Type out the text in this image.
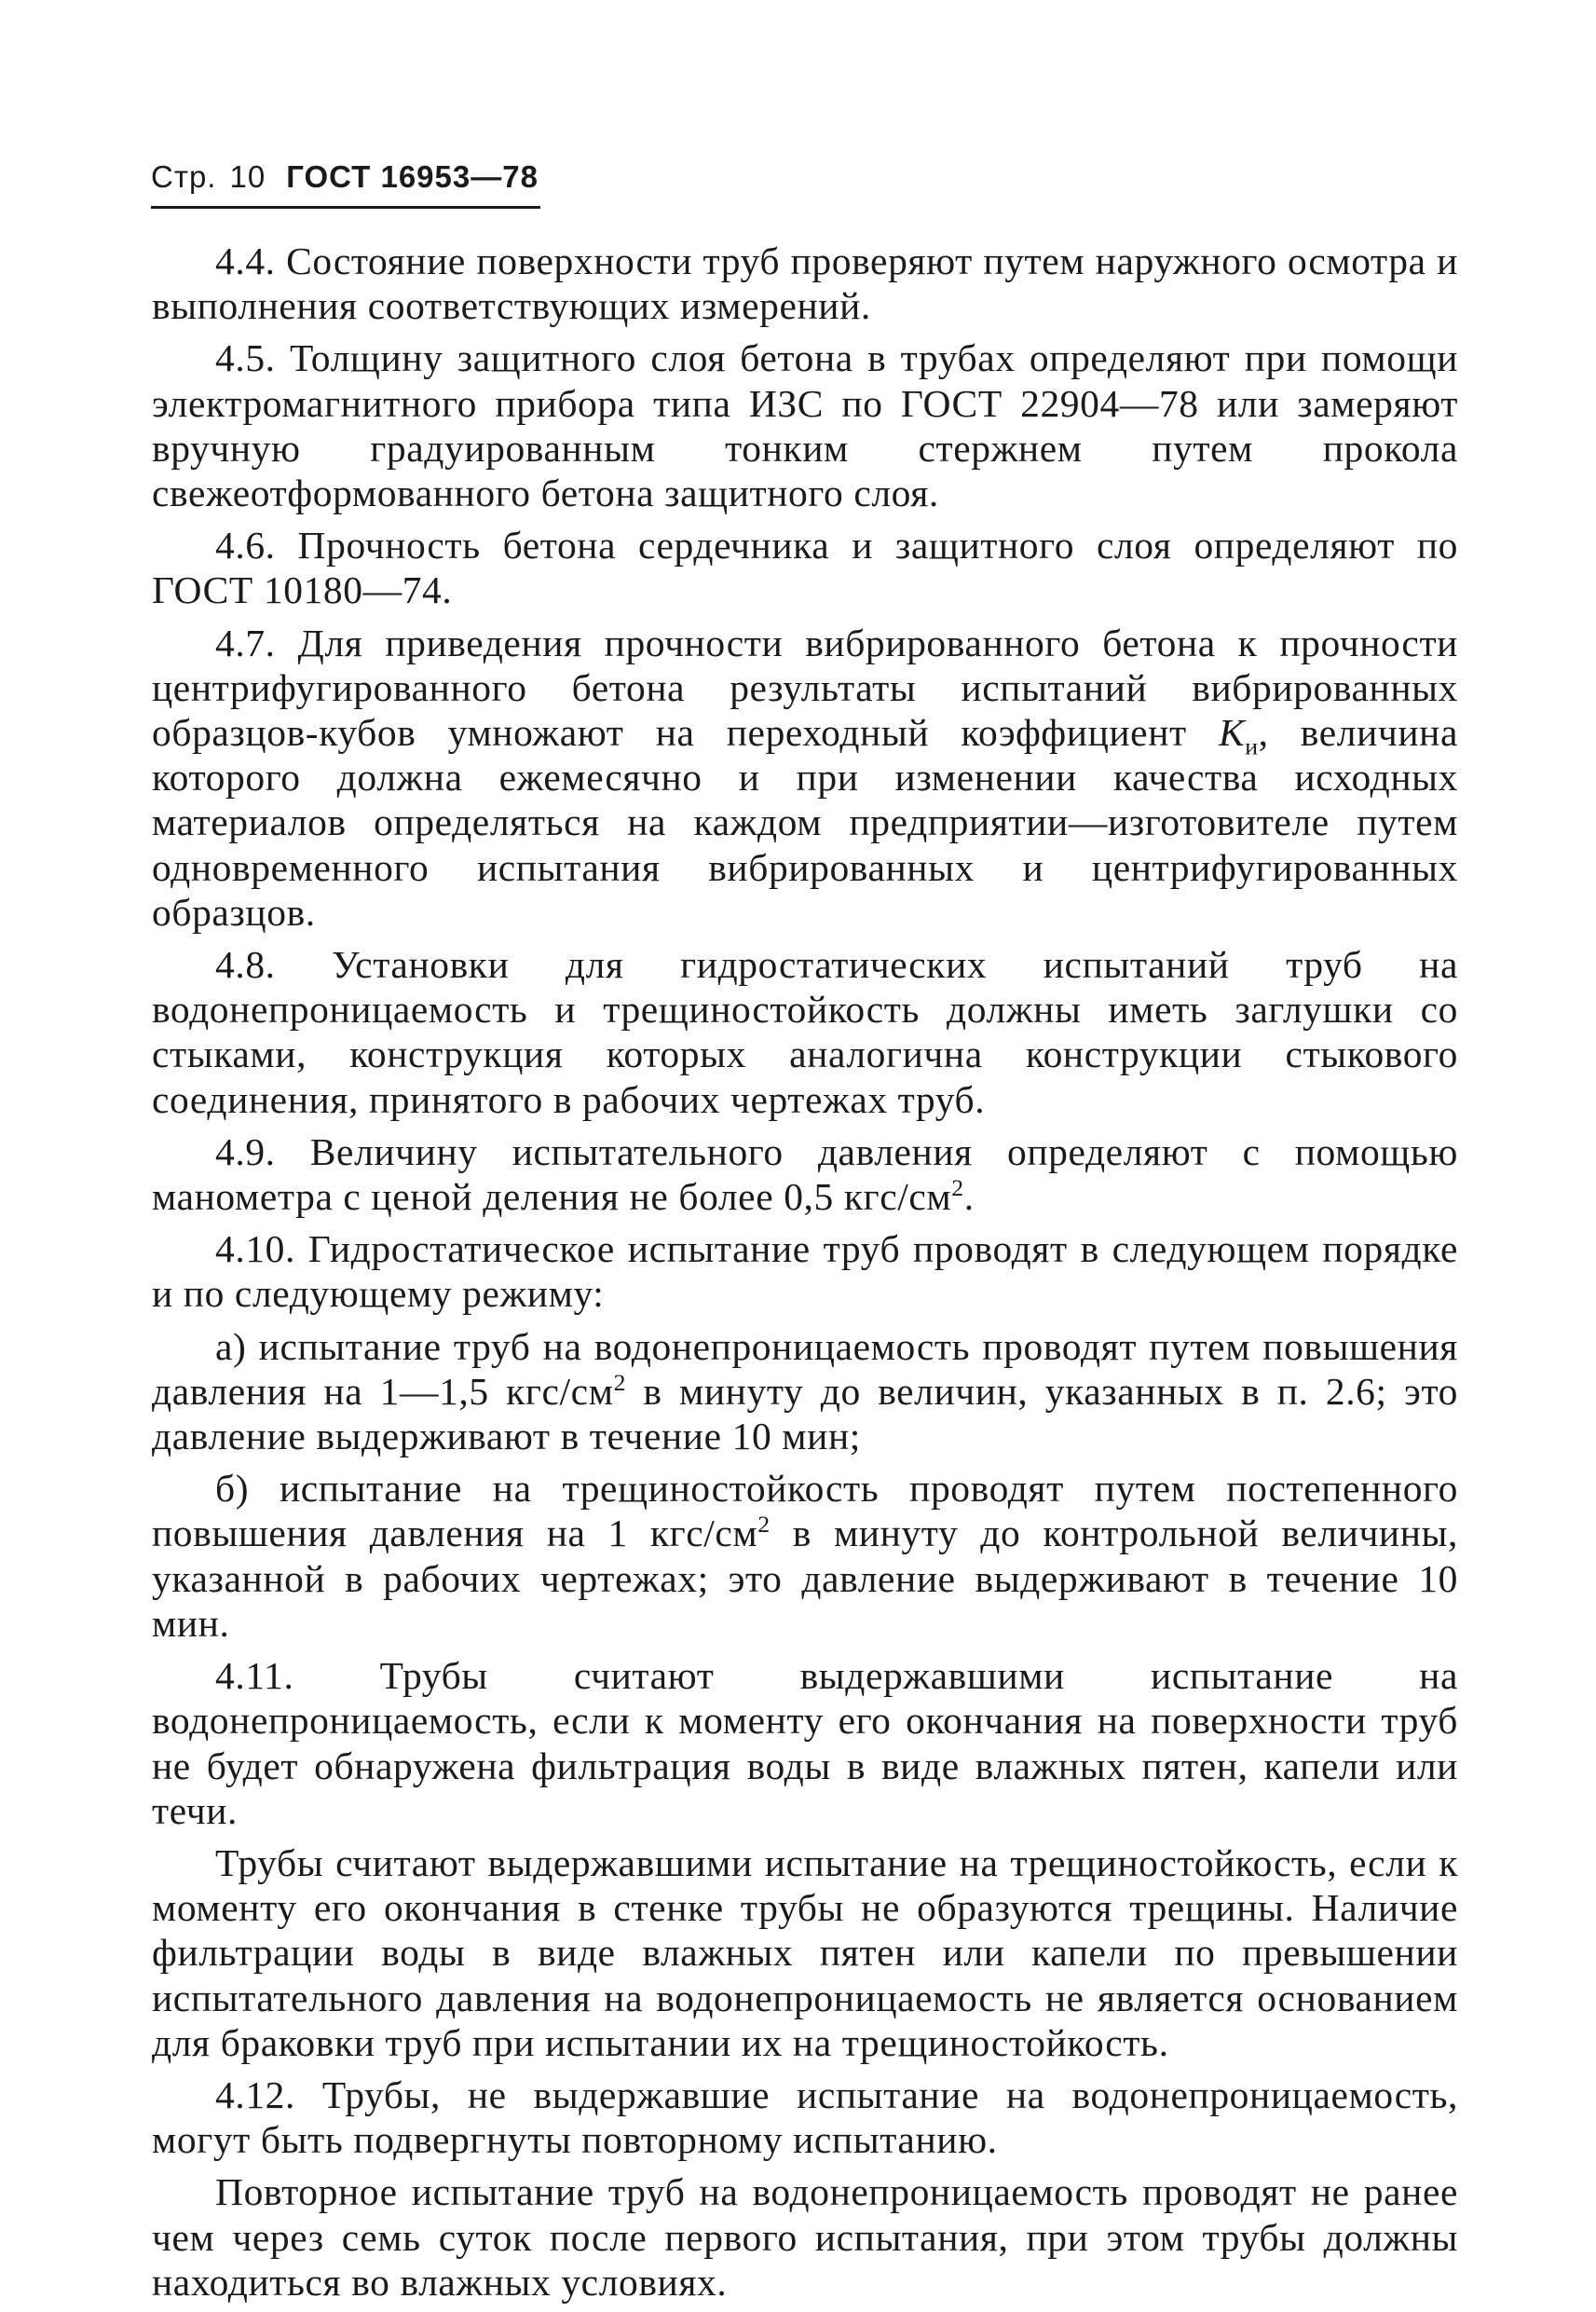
Стр. 10 ГОСТ 16953—78

4.4. Состояние поверхности труб проверяют путем наружного осмотра и выполнения соответствующих измерений.

4.5. Толщину защитного слоя бетона в трубах определяют при помощи электромагнитного прибора типа ИЗС по ГОСТ 22904—78 или замеряют вручную градуированным тонким стержнем путем прокола свежеотформованного бетона защитного слоя.

4.6. Прочность бетона сердечника и защитного слоя определяют по ГОСТ 10180—74.

4.7. Для приведения прочности вибрированного бетона к прочности центрифугированного бетона результаты испытаний вибрированных образцов-кубов умножают на переходный коэффициент $K_и$, величина которого должна ежемесячно и при изменении качества исходных материалов определяться на каждом предприятии—изготовителе путем одновременного испытания вибрированных и центрифугированных образцов.

4.8. Установки для гидростатических испытаний труб на водонепроницаемость и трещиностойкость должны иметь заглушки со стыками, конструкция которых аналогична конструкции стыкового соединения, принятого в рабочих чертежах труб.

4.9. Величину испытательного давления определяют с помощью манометра с ценой деления не более 0,5 кгс/$см^2$.

4.10. Гидростатическое испытание труб проводят в следующем порядке и по следующему режиму:

а) испытание труб на водонепроницаемость проводят путем повышения давления на 1—1,5 кгс/$см^2$ в минуту до величин, указанных в п. 2.6; это давление выдерживают в течение 10 мин;

б) испытание на трещиностойкость проводят путем постепенного повышения давления на 1 кгс/$см^2$ в минуту до контрольной величины, указанной в рабочих чертежах; это давление выдерживают в течение 10 мин.

4.11. Трубы считают выдержавшими испытание на водонепроницаемость, если к моменту его окончания на поверхности труб не будет обнаружена фильтрация воды в виде влажных пятен, капели или течи.

Трубы считают выдержавшими испытание на трещиностойкость, если к моменту его окончания в стенке трубы не образуются трещины. Наличие фильтрации воды в виде влажных пятен или капели по превышении испытательного давления на водонепроницаемость не является основанием для браковки труб при испытании их на трещиностойкость.

4.12. Трубы, не выдержавшие испытание на водонепроницаемость, могут быть подвергнуты повторному испытанию.

Повторное испытание труб на водонепроницаемость проводят не ранее чем через семь суток после первого испытания, при этом трубы должны находиться во влажных условиях.
